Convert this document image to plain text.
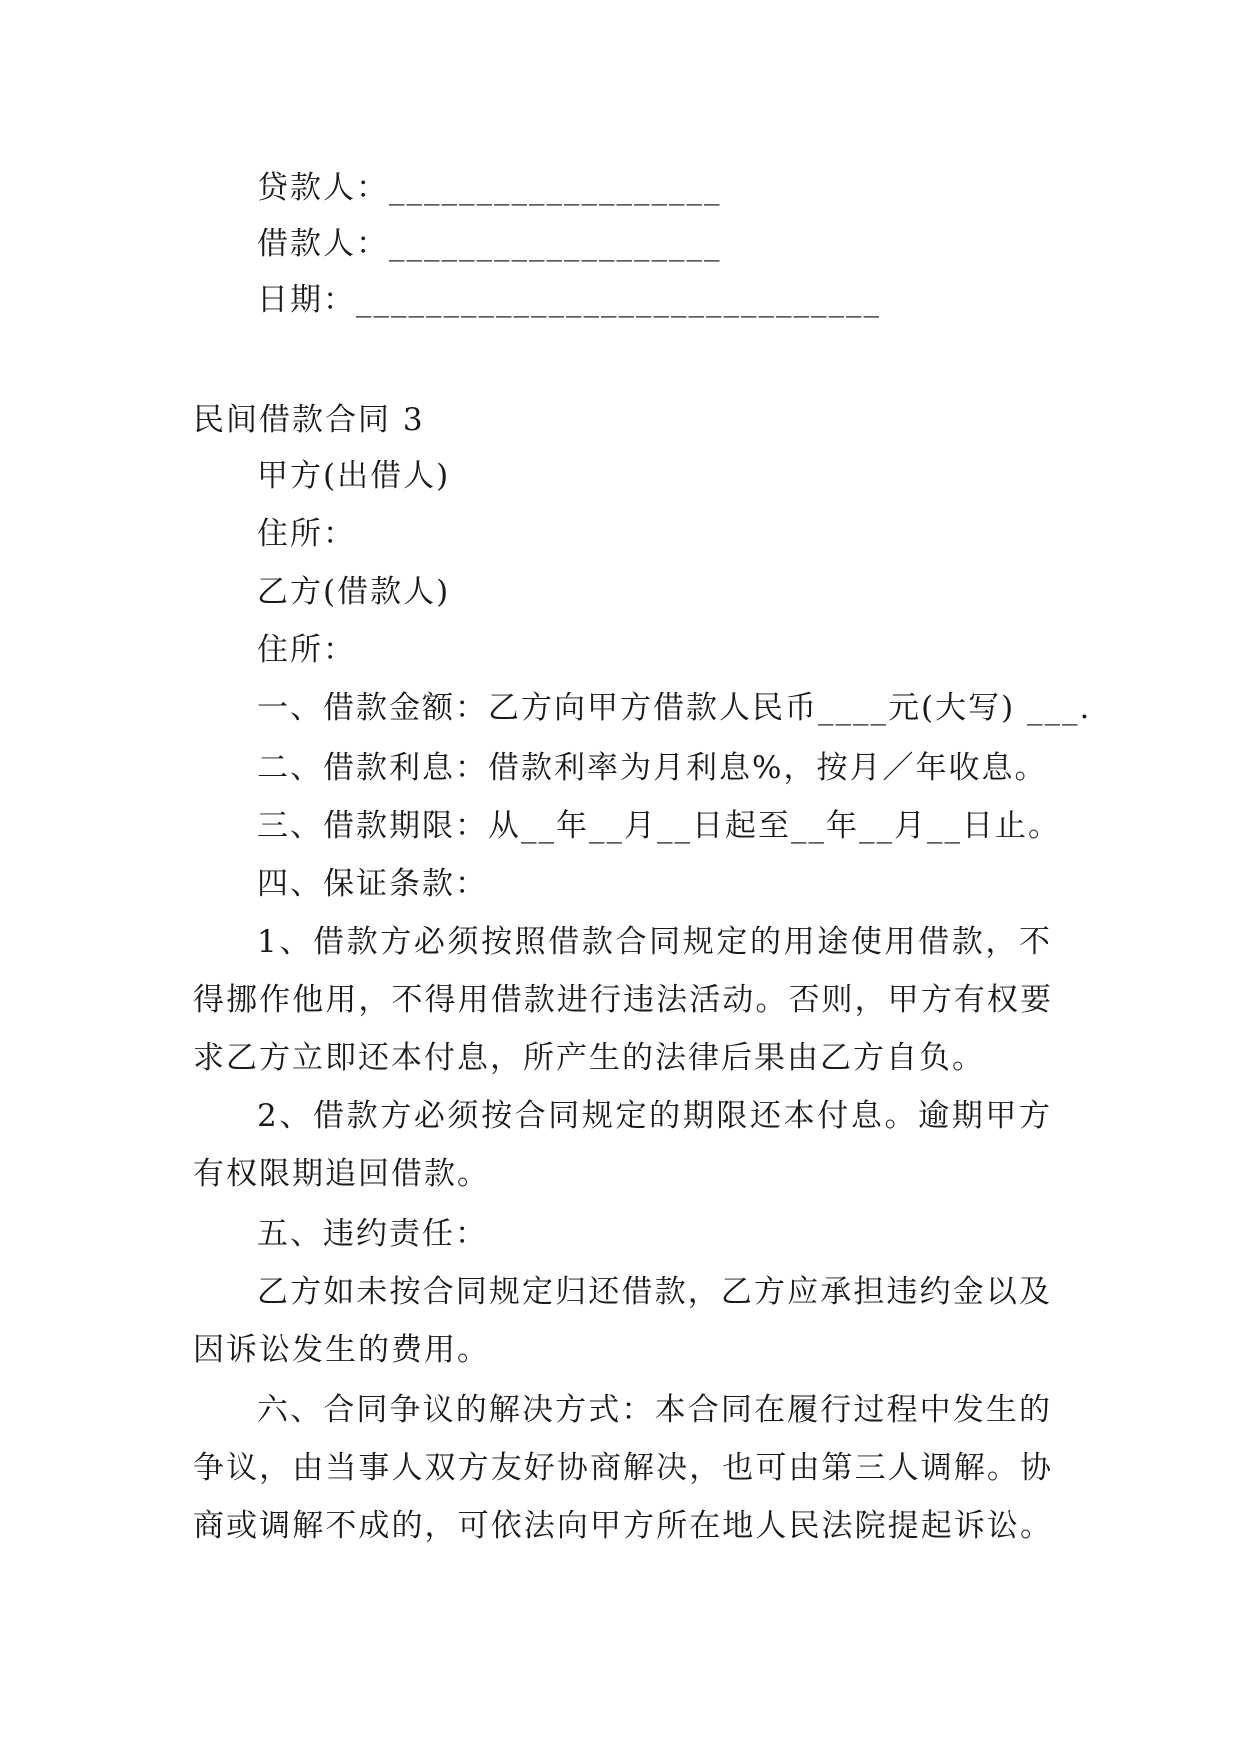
贷款人：___________________
借款人：___________________
日期：______________________________
民间借款合同 3
甲方(出借人)
住所：
乙方(借款人)
住所：
一、借款金额：乙方向甲方借款人民币____元(大写) ___.
二、借款利息：借款利率为月利息%，按月／年收息。
三、借款期限：从__年__月__日起至__年__月__日止。
四、保证条款：
1、借款方必须按照借款合同规定的用途使用借款，不
得挪作他用，不得用借款进行违法活动。否则，甲方有权要
求乙方立即还本付息，所产生的法律后果由乙方自负。
2、借款方必须按合同规定的期限还本付息。逾期甲方
有权限期追回借款。
五、违约责任：
乙方如未按合同规定归还借款，乙方应承担违约金以及
因诉讼发生的费用。
六、合同争议的解决方式：本合同在履行过程中发生的
争议，由当事人双方友好协商解决，也可由第三人调解。协
商或调解不成的，可依法向甲方所在地人民法院提起诉讼。
